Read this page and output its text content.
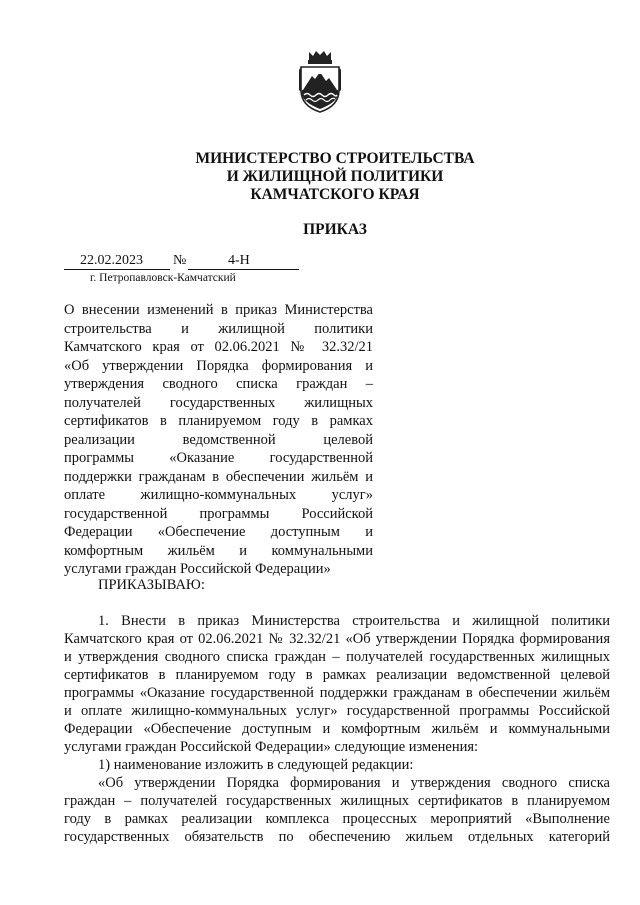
МИНИСТЕРСТВО СТРОИТЕЛЬСТВА
И ЖИЛИЩНОЙ ПОЛИТИКИ
КАМЧАТСКОГО КРАЯ
ПРИКАЗ
22.02.2023 №	4-Н
г. Петропавловск-Камчатский
О внесении изменений в приказ Министерства
строительства и жилищной политики
Камчатского края от 02.06.2021 № 32.32/21
«Об утверждении Порядка формирования и
утверждения сводного списка граждан –
получателей государственных жилищных
сертификатов в планируемом году в рамках
реализации ведомственной целевой
программы «Оказание государственной
поддержки гражданам в обеспечении жильём и
оплате жилищно-коммунальных услуг»
государственной программы Российской
Федерации «Обеспечение доступным и
комфортным жильём и коммунальными
услугами граждан Российской Федерации»
ПРИКАЗЫВАЮ:
1. Внести в приказ Министерства строительства и жилищной политики
Камчатского края от 02.06.2021 № 32.32/21 «Об утверждении Порядка формирования
и утверждения сводного списка граждан – получателей государственных жилищных
сертификатов в планируемом году в рамках реализации ведомственной целевой
программы «Оказание государственной поддержки гражданам в обеспечении жильём
и оплате жилищно-коммунальных услуг» государственной программы Российской
Федерации «Обеспечение доступным и комфортным жильём и коммунальными
услугами граждан Российской Федерации» следующие изменения:
1) наименование изложить в следующей редакции:
«Об утверждении Порядка формирования и утверждения сводного списка
граждан – получателей государственных жилищных сертификатов в планируемом
году в рамках реализации комплекса процессных мероприятий «Выполнение
государственных обязательств по обеспечению жильем отдельных категорий
